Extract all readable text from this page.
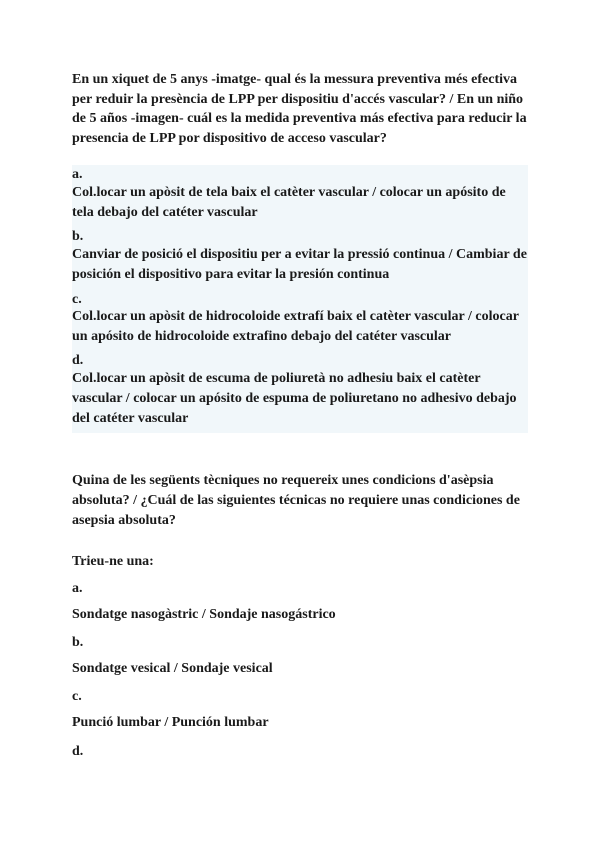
En un xiquet de 5 anys -imatge- qual és la messura preventiva més efectiva per reduir la presència de LPP per dispositiu d'accés vascular? / En un niño de 5 años -imagen- cuál es la medida preventiva más efectiva para reducir la presencia de LPP por dispositivo de acceso vascular?
a.
Col.locar un apòsit de tela baix el catèter vascular / colocar un apósito de tela debajo del catéter vascular
b.
Canviar de posició el dispositiu per a evitar la pressió continua / Cambiar de posición el dispositivo para evitar la presión continua
c.
Col.locar un apòsit de hidrocoloide extrafí baix el catèter vascular / colocar un apósito de hidrocoloide extrafino debajo del catéter vascular
d.
Col.locar un apòsit de escuma de poliuretà no adhesiu baix el catèter vascular / colocar un apósito de espuma de poliuretano no adhesivo debajo del catéter vascular
Quina de les següents tècniques no requereix unes condicions d'asèpsia absoluta? / ¿Cuál de las siguientes técnicas no requiere unas condiciones de asepsia absoluta?
Trieu-ne una:
a.
Sondatge nasogàstric / Sondaje nasogástrico
b.
Sondatge vesical / Sondaje vesical
c.
Punció lumbar / Punción lumbar
d.
